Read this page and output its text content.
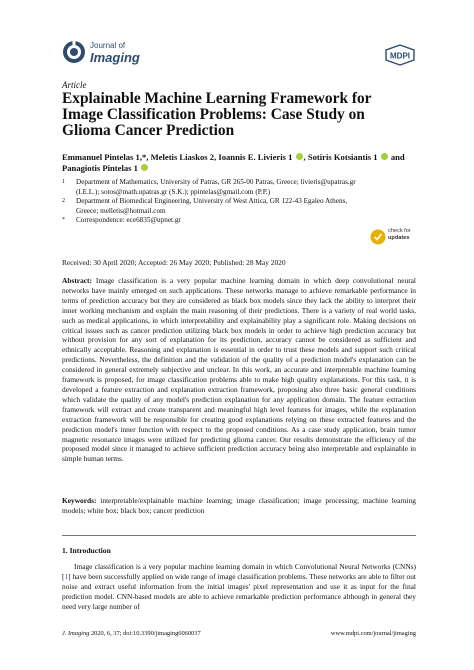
Journal of
Imaging	MDPI
Article
Explainable Machine Learning Framework for Image Classification Problems: Case Study on Glioma Cancer Prediction
Emmanuel Pintelas 1,*, Meletis Liaskos 2, Ioannis E. Livieris 1 , Sotiris Kotsiantis 1  and
Panagiotis Pintelas 1
1 Department of Mathematics, University of Patras, GR 265-00 Patras, Greece; livieris@upatras.gr (I.E.L.); sotos@math.upatras.gr (S.K.); ppintelas@gmail.com (P.P.)
2 Department of Biomedical Engineering, University of West Attica, GR 122-43 Egaleo Athens, Greece; melletis@hotmail.com
* Correspondence: ece6835@upnet.gr
check for
updates
Received: 30 April 2020; Accepted: 26 May 2020; Published: 28 May 2020
Abstract: Image classification is a very popular machine learning domain in which deep convolutional neural networks have mainly emerged on such applications. These networks manage to achieve remarkable performance in terms of prediction accuracy but they are considered as black box models since they lack the ability to interpret their inner working mechanism and explain the main reasoning of their predictions. There is a variety of real world tasks, such as medical applications, in which interpretability and explainability play a significant role. Making decisions on critical issues such as cancer prediction utilizing black box models in order to achieve high prediction accuracy but without provision for any sort of explanation for its prediction, accuracy cannot be considered as sufficient and ethnically acceptable. Reasoning and explanation is essential in order to trust these models and support such critical predictions. Nevertheless, the definition and the validation of the quality of a prediction model's explanation can be considered in general extremely subjective and unclear. In this work, an accurate and interpretable machine learning framework is proposed, for image classification problems able to make high quality explanations. For this task, it is developed a feature extraction and explanation extraction framework, proposing also three basic general conditions which validate the quality of any model's prediction explanation for any application domain. The feature extraction framework will extract and create transparent and meaningful high level features for images, while the explanation extraction framework will be responsible for creating good explanations relying on these extracted features and the prediction model's inner function with respect to the proposed conditions. As a case study application, brain tumor magnetic resonance images were utilized for predicting glioma cancer. Our results demonstrate the efficiency of the proposed model since it managed to achieve sufficient prediction accuracy being also interpretable and explainable in simple human terms.
Keywords: interpretable/explainable machine learning; image classification; image processing; machine learning models; white box; black box; cancer prediction
1. Introduction
Image classification is a very popular machine learning domain in which Convolutional Neural Networks (CNNs) [1] have been successfully applied on wide range of image classification problems. These networks are able to filter out noise and extract useful information from the initial images' pixel representation and use it as input for the final prediction model. CNN-based models are able to achieve remarkable prediction performance although in general they need very large number of
J. Imaging 2020, 6, 37; doi:10.3390/jimaging6060037	www.mdpi.com/journal/jimaging
